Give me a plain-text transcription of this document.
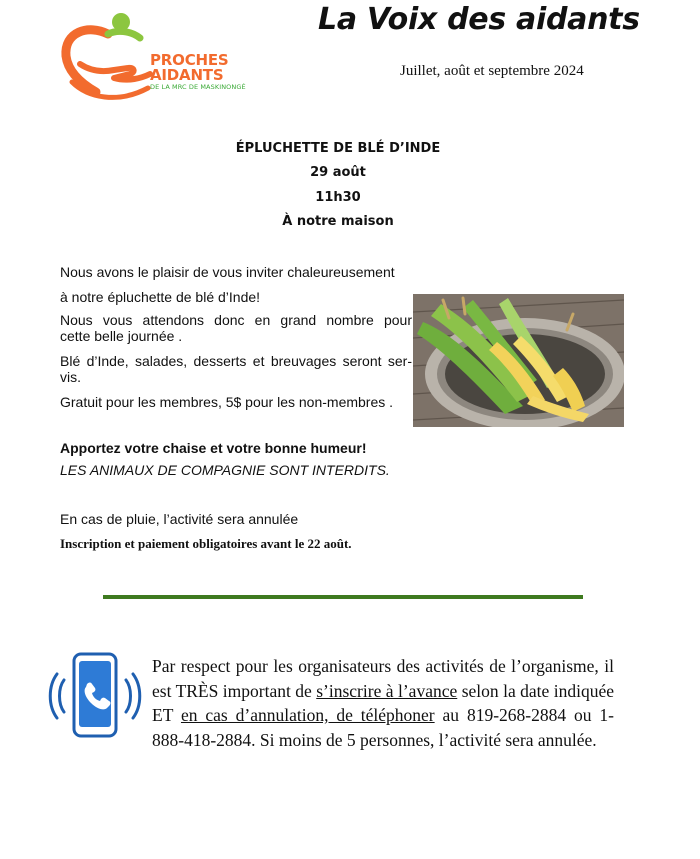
PROCHES
AIDANTS
DE LA MRC DE MASKINONGÉ
La Voix des aidants
Juillet, août et septembre 2024
ÉPLUCHETTE DE BLÉ D’INDE
29 août
11h30
À notre maison
Nous avons le plaisir de vous inviter chaleureusement
à notre épluchette de blé d’Inde!
Nous vous attendons donc en grand nombre pour
cette belle journée .
Blé d’Inde, salades, desserts et breuvages seront ser-
vis.
Gratuit pour les membres, 5$ pour les non-membres .
Apportez votre chaise et votre bonne humeur!
LES ANIMAUX DE COMPAGNIE SONT INTERDITS.
En cas de pluie, l’activité sera annulée
Inscription et paiement obligatoires avant le 22 août.
Par respect pour les organisateurs des activités de l’organisme, il est TRÈS important de s’inscrire à l’avance selon la date indiquée ET en cas d’annulation, de téléphoner au 819-268-2884 ou 1-888-418-2884. Si moins de 5 personnes, l’activité sera annulée.
